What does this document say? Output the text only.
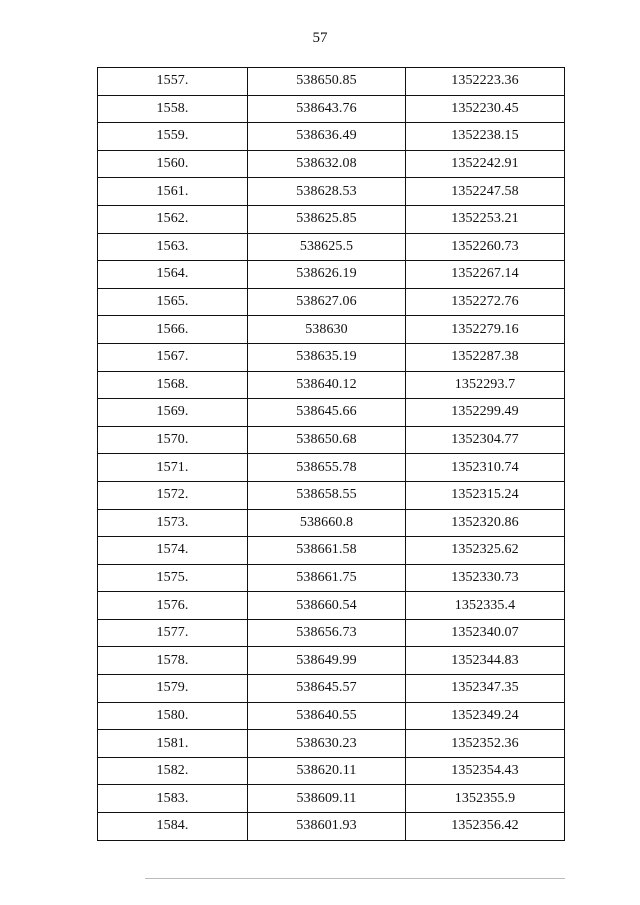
57
1557.	538650.85	1352223.36
1558.	538643.76	1352230.45
1559.	538636.49	1352238.15
1560.	538632.08	1352242.91
1561.	538628.53	1352247.58
1562.	538625.85	1352253.21
1563.	538625.5	1352260.73
1564.	538626.19	1352267.14
1565.	538627.06	1352272.76
1566.	538630	1352279.16
1567.	538635.19	1352287.38
1568.	538640.12	1352293.7
1569.	538645.66	1352299.49
1570.	538650.68	1352304.77
1571.	538655.78	1352310.74
1572.	538658.55	1352315.24
1573.	538660.8	1352320.86
1574.	538661.58	1352325.62
1575.	538661.75	1352330.73
1576.	538660.54	1352335.4
1577.	538656.73	1352340.07
1578.	538649.99	1352344.83
1579.	538645.57	1352347.35
1580.	538640.55	1352349.24
1581.	538630.23	1352352.36
1582.	538620.11	1352354.43
1583.	538609.11	1352355.9
1584.	538601.93	1352356.42
